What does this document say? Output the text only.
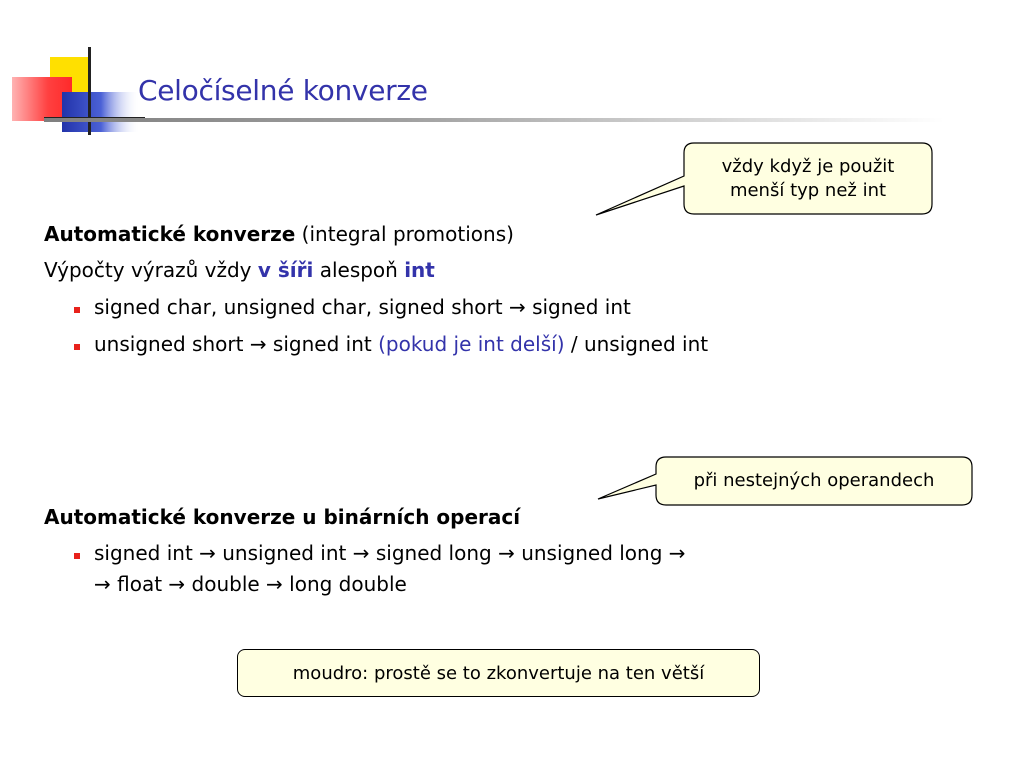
Celočíselné konverze
vždy když je použit
menší typ než int
při nestejných operandech
Automatické konverze (integral promotions)
Výpočty výrazů vždy v šíři alespoň int
signed char, unsigned char, signed short → signed int
unsigned short → signed int (pokud je int delší) / unsigned int
Automatické konverze u binárních operací
signed int → unsigned int → signed long → unsigned long →
→ float → double → long double
moudro: prostě se to zkonvertuje na ten větší
